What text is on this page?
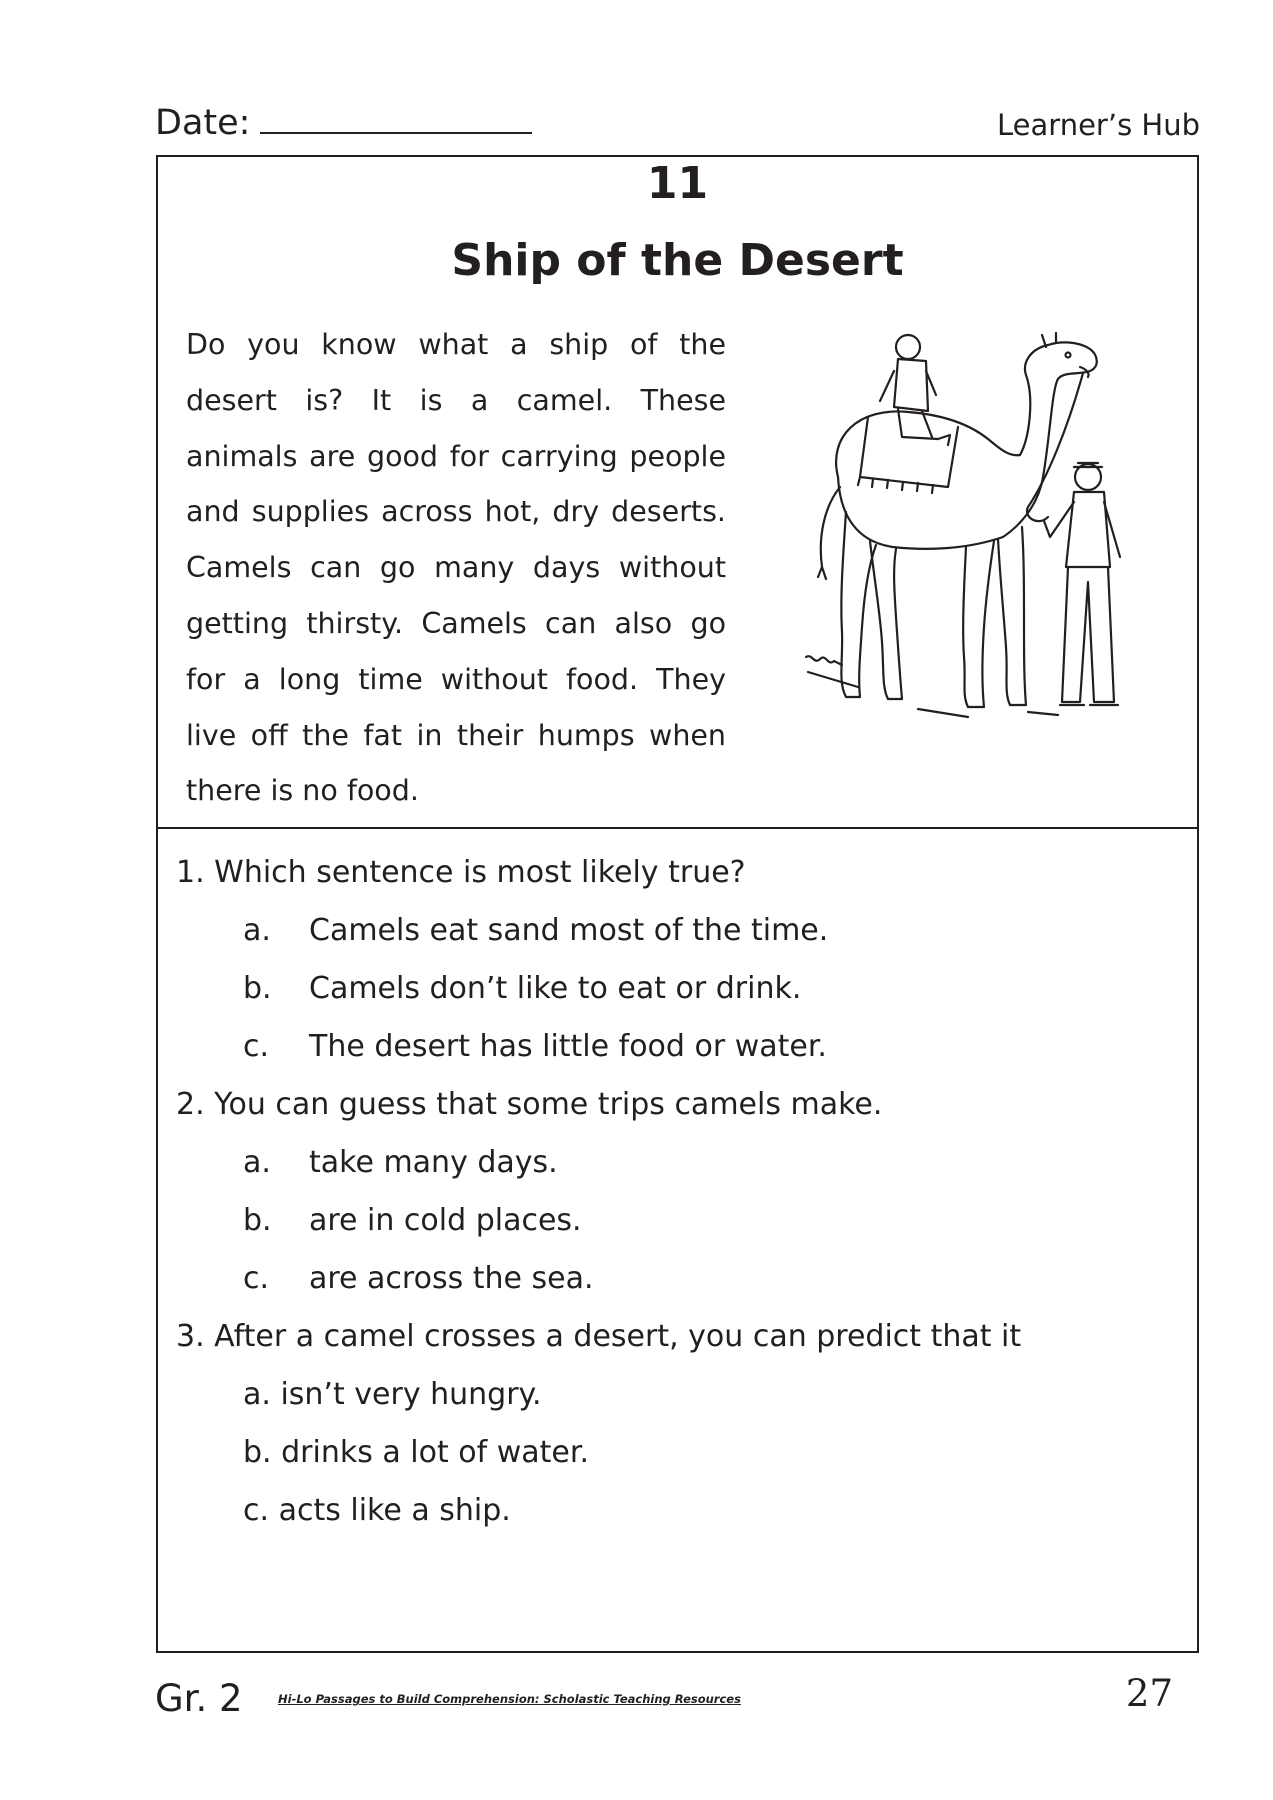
Date:	Learner’s Hub
11
Ship of the Desert
Do you know what a ship of the desert is? It is a camel. These animals are good for carrying people and supplies across hot, dry deserts. Camels can go many days without getting thirsty. Camels can also go for a long time without food. They live off the fat in their humps when there is no food.
1. Which sentence is most likely true?
a. Camels eat sand most of the time.
b. Camels don’t like to eat or drink.
c. The desert has little food or water.
2. You can guess that some trips camels make.
a. take many days.
b. are in cold places.
c. are across the sea.
3. After a camel crosses a desert, you can predict that it
a. isn’t very hungry.
b. drinks a lot of water.
c. acts like a ship.
Gr. 2	Hi-Lo Passages to Build Comprehension: Scholastic Teaching Resources	27
